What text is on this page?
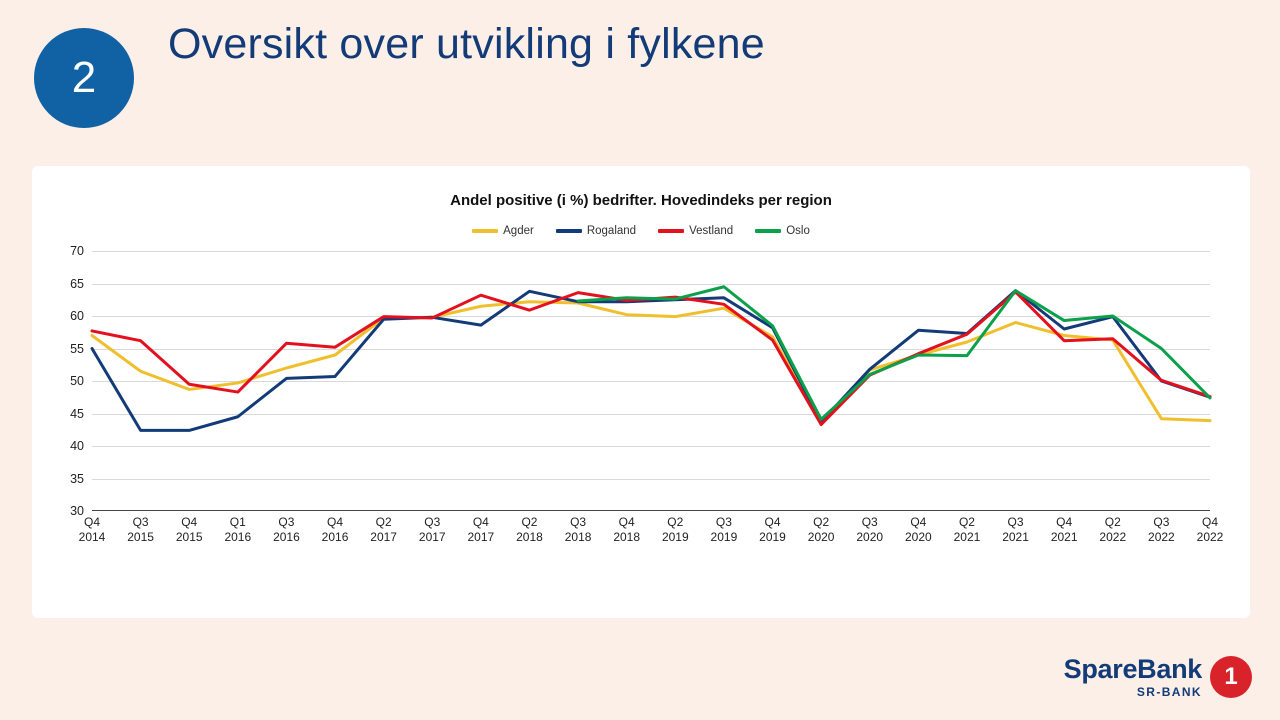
2
Oversikt over utvikling i fylkene
Andel positive (i %) bedrifter. Hovedindeks per region
Agder	Rogaland	Vestland	Oslo
30
35
40
45
50
55
60
65
70
Q4
2014
Q3
2015
Q4
2015
Q1
2016
Q3
2016
Q4
2016
Q2
2017
Q3
2017
Q4
2017
Q2
2018
Q3
2018
Q4
2018
Q2
2019
Q3
2019
Q4
2019
Q2
2020
Q3
2020
Q4
2020
Q2
2021
Q3
2021
Q4
2021
Q2
2022
Q3
2022
Q4
2022
SpareBank
SR-BANK
1
